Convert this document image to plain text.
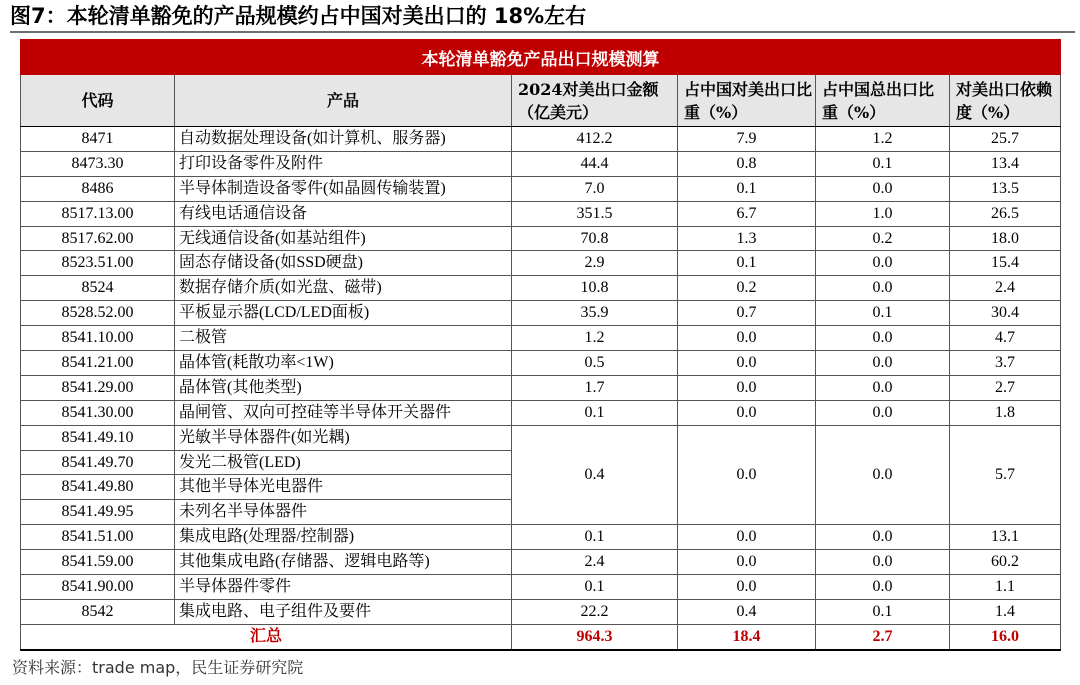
图7：本轮清单豁免的产品规模约占中国对美出口的 18%左右
本轮清单豁免产品出口规模测算					
代码	产品	2024对美出口金额（亿美元）	占中国对美出口比重（%）	占中国总出口比重（%）	对美出口依赖度（%）
8471	自动数据处理设备(如计算机、服务器)	412.2	7.9	1.2	25.7
8473.30	打印设备零件及附件	44.4	0.8	0.1	13.4
8486	半导体制造设备零件(如晶圆传输装置)	7.0	0.1	0.0	13.5
8517.13.00	有线电话通信设备	351.5	6.7	1.0	26.5
8517.62.00	无线通信设备(如基站组件)	70.8	1.3	0.2	18.0
8523.51.00	固态存储设备(如SSD硬盘)	2.9	0.1	0.0	15.4
8524	数据存储介质(如光盘、磁带)	10.8	0.2	0.0	2.4
8528.52.00	平板显示器(LCD/LED面板)	35.9	0.7	0.1	30.4
8541.10.00	二极管	1.2	0.0	0.0	4.7
8541.21.00	晶体管(耗散功率<1W)	0.5	0.0	0.0	3.7
8541.29.00	晶体管(其他类型)	1.7	0.0	0.0	2.7
8541.30.00	晶闸管、双向可控硅等半导体开关器件	0.1	0.0	0.0	1.8
8541.49.10	光敏半导体器件(如光耦)	0.4	0.0	0.0	5.7
8541.49.70	发光二极管(LED)				
8541.49.80	其他半导体光电器件				
8541.49.95	未列名半导体器件				
8541.51.00	集成电路(处理器/控制器)	0.1	0.0	0.0	13.1
8541.59.00	其他集成电路(存储器、逻辑电路等)	2.4	0.0	0.0	60.2
8541.90.00	半导体器件零件	0.1	0.0	0.0	1.1
8542	集成电路、电子组件及要件	22.2	0.4	0.1	1.4
汇总		964.3	18.4	2.7	16.0
资料来源：trade map，民生证券研究院
